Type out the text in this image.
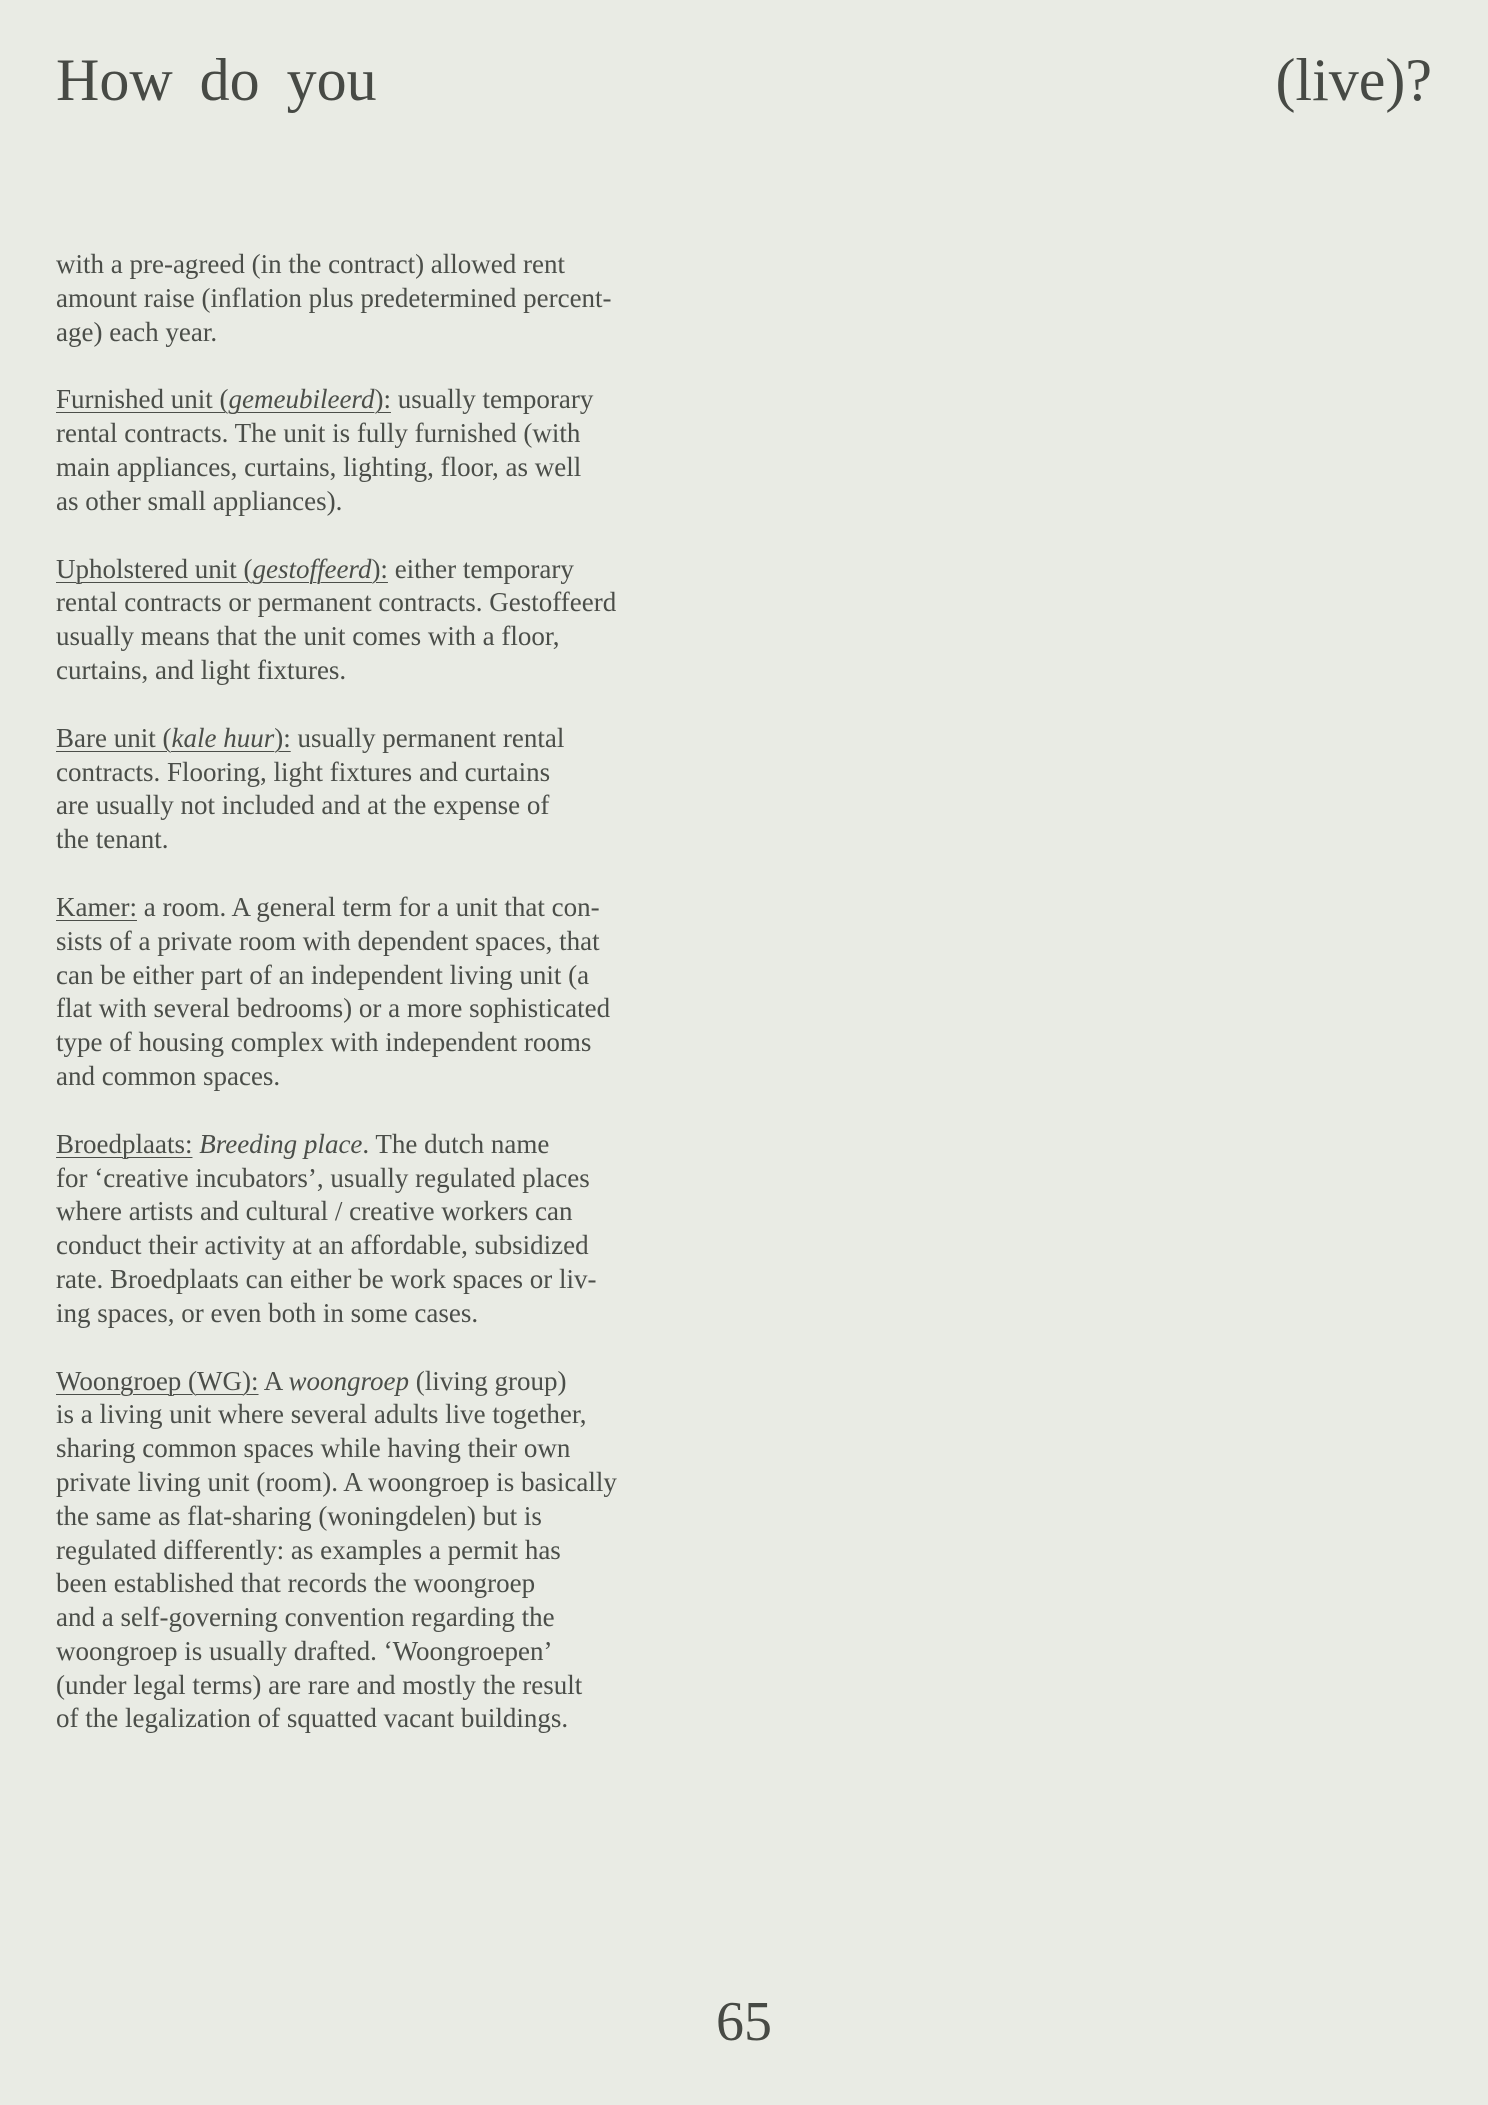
How do you	(live)?

with a pre-agreed (in the contract) allowed rent
amount raise (inflation plus predetermined percent-
age) each year.

Furnished unit (gemeubileerd): usually temporary
rental contracts. The unit is fully furnished (with
main appliances, curtains, lighting, floor, as well
as other small appliances).

Upholstered unit (gestoffeerd): either temporary
rental contracts or permanent contracts. Gestoffeerd
usually means that the unit comes with a floor,
curtains, and light fixtures.

Bare unit (kale huur): usually permanent rental
contracts. Flooring, light fixtures and curtains
are usually not included and at the expense of
the tenant.

Kamer: a room. A general term for a unit that con-
sists of a private room with dependent spaces, that
can be either part of an independent living unit (a
flat with several bedrooms) or a more sophisticated
type of housing complex with independent rooms
and common spaces.

Broedplaats: Breeding place. The dutch name
for ‘creative incubators’, usually regulated places
where artists and cultural / creative workers can
conduct their activity at an affordable, subsidized
rate. Broedplaats can either be work spaces or liv-
ing spaces, or even both in some cases.

Woongroep (WG): A woongroep (living group)
is a living unit where several adults live together,
sharing common spaces while having their own
private living unit (room). A woongroep is basically
the same as flat-sharing (woningdelen) but is
regulated differently: as examples a permit has
been established that records the woongroep
and a self-governing convention regarding the
woongroep is usually drafted. ‘Woongroepen’
(under legal terms) are rare and mostly the result
of the legalization of squatted vacant buildings.

65
